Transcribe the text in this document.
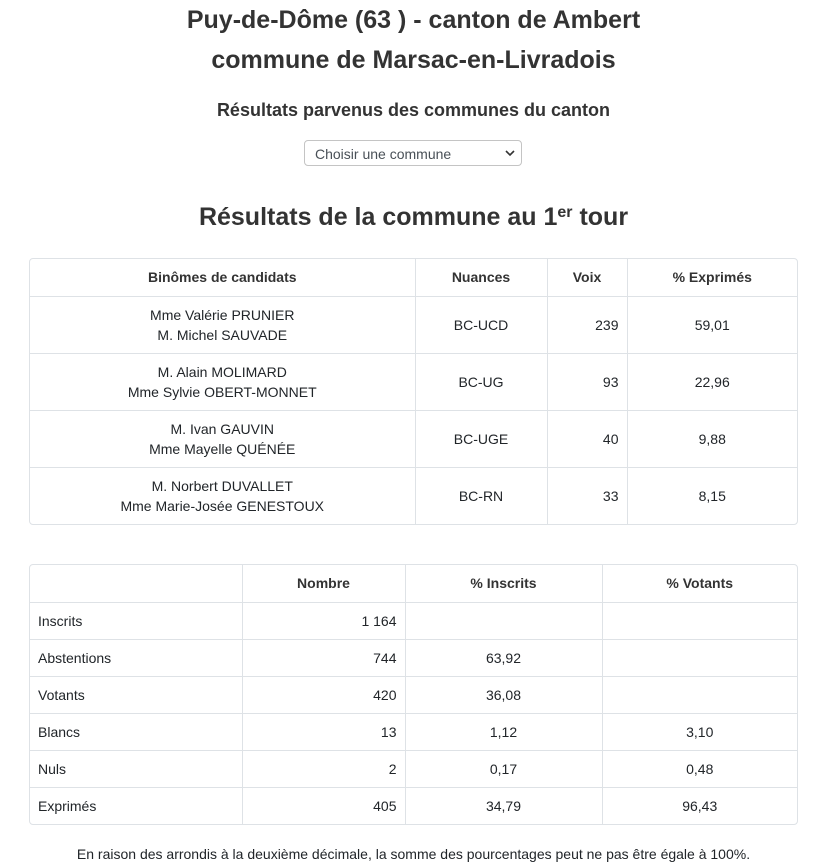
Puy-de-Dôme (63 ) - canton de Ambert
commune de Marsac-en-Livradois
Résultats parvenus des communes du canton
Choisir une commune
Résultats de la commune au 1er tour
Binômes de candidats	Nuances	Voix	% Exprimés

Mme Valérie PRUNIER
M. Michel SAUVADE	BC-UCD	239	59,01

M. Alain MOLIMARD
Mme Sylvie OBERT-MONNET	BC-UG	93	22,96

M. Ivan GAUVIN
Mme Mayelle QUÉNÉE	BC-UGE	40	9,88

M. Norbert DUVALLET
Mme Marie-Josée GENESTOUX	BC-RN	33	8,15
	Nombre	% Inscrits	% Votants
Inscrits	1 164		
Abstentions	744	63,92	
Votants	420	36,08	
Blancs	13	1,12	3,10
Nuls	2	0,17	0,48
Exprimés	405	34,79	96,43
En raison des arrondis à la deuxième décimale, la somme des pourcentages peut ne pas être égale à 100%.
